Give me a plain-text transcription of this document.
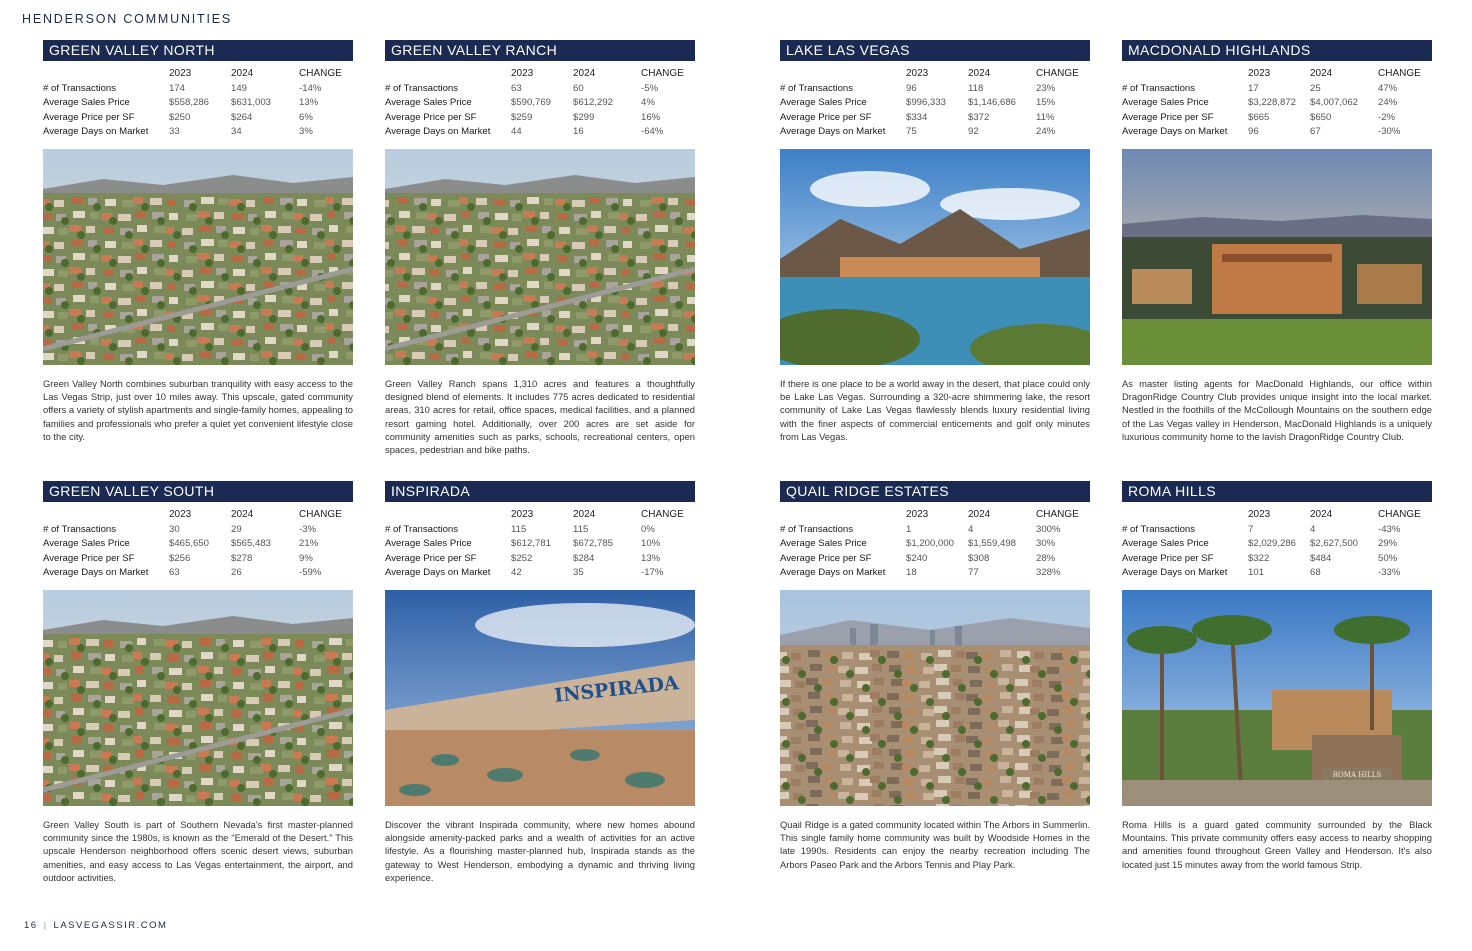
HENDERSON COMMUNITIES
GREEN VALLEY NORTH
	2023	2024	CHANGE
# of Transactions	174	149	-14%
Average Sales Price	$558,286	$631,003	13%
Average Price per SF	$250	$264	6%
Average Days on Market	33	34	3%
Green Valley North combines suburban tranquility with easy access to the Las Vegas Strip, just over 10 miles away. This upscale, gated community offers a variety of stylish apartments and single-family homes, appealing to families and professionals who prefer a quiet yet convenient lifestyle close to the city.
GREEN VALLEY RANCH
	2023	2024	CHANGE
# of Transactions	63	60	-5%
Average Sales Price	$590,769	$612,292	4%
Average Price per SF	$259	$299	16%
Average Days on Market	44	16	-64%
Green Valley Ranch spans 1,310 acres and features a thoughtfully designed blend of elements. It includes 775 acres dedicated to residential areas, 310 acres for retail, office spaces, medical facilities, and a planned resort gaming hotel. Additionally, over 200 acres are set aside for community amenities such as parks, schools, recreational centers, open spaces, pedestrian and bike paths.
LAKE LAS VEGAS
	2023	2024	CHANGE
# of Transactions	96	118	23%
Average Sales Price	$996,333	$1,146,686	15%
Average Price per SF	$334	$372	11%
Average Days on Market	75	92	24%
If there is one place to be a world away in the desert, that place could only be Lake Las Vegas. Surrounding a 320-acre shimmering lake, the resort community of Lake Las Vegas flawlessly blends luxury residential living with the finer aspects of commercial enticements and golf only minutes from Las Vegas.
MACDONALD HIGHLANDS
	2023	2024	CHANGE
# of Transactions	17	25	47%
Average Sales Price	$3,228,872	$4,007,062	24%
Average Price per SF	$665	$650	-2%
Average Days on Market	96	67	-30%
As master listing agents for MacDonald Highlands, our office within DragonRidge Country Club provides unique insight into the local market. Nestled in the foothills of the McCollough Mountains on the southern edge of the Las Vegas valley in Henderson, MacDonald Highlands is a uniquely luxurious community home to the lavish DragonRidge Country Club.
GREEN VALLEY SOUTH
	2023	2024	CHANGE
# of Transactions	30	29	-3%
Average Sales Price	$465,650	$565,483	21%
Average Price per SF	$256	$278	9%
Average Days on Market	63	26	-59%
Green Valley South is part of Southern Nevada's first master-planned community since the 1980s, is known as the "Emerald of the Desert." This upscale Henderson neighborhood offers scenic desert views, suburban amenities, and easy access to Las Vegas entertainment, the airport, and outdoor activities.
INSPIRADA
	2023	2024	CHANGE
# of Transactions	115	115	0%
Average Sales Price	$612,781	$672,785	10%
Average Price per SF	$252	$284	13%
Average Days on Market	42	35	-17%
INSPIRADA
Discover the vibrant Inspirada community, where new homes abound alongside amenity-packed parks and a wealth of activities for an active lifestyle. As a flourishing master-planned hub, Inspirada stands as the gateway to West Henderson, embodying a dynamic and thriving living experience.
QUAIL RIDGE ESTATES
	2023	2024	CHANGE
# of Transactions	1	4	300%
Average Sales Price	$1,200,000	$1,559,498	30%
Average Price per SF	$240	$308	28%
Average Days on Market	18	77	328%
Quail Ridge is a gated community located within The Arbors in Summerlin. This single family home community was built by Woodside Homes in the late 1990s. Residents can enjoy the nearby recreation including The Arbors Paseo Park and the Arbors Tennis and Play Park.
ROMA HILLS
	2023	2024	CHANGE
# of Transactions	7	4	-43%
Average Sales Price	$2,029,286	$2,627,500	29%
Average Price per SF	$322	$484	50%
Average Days on Market	101	68	-33%
ROMA HILLS
Roma Hills is a guard gated community surrounded by the Black Mountains. This private community offers easy access to nearby shopping and amenities found throughout Green Valley and Henderson. It's also located just 15 minutes away from the world famous Strip.
16 | LASVEGASSIR.COM
